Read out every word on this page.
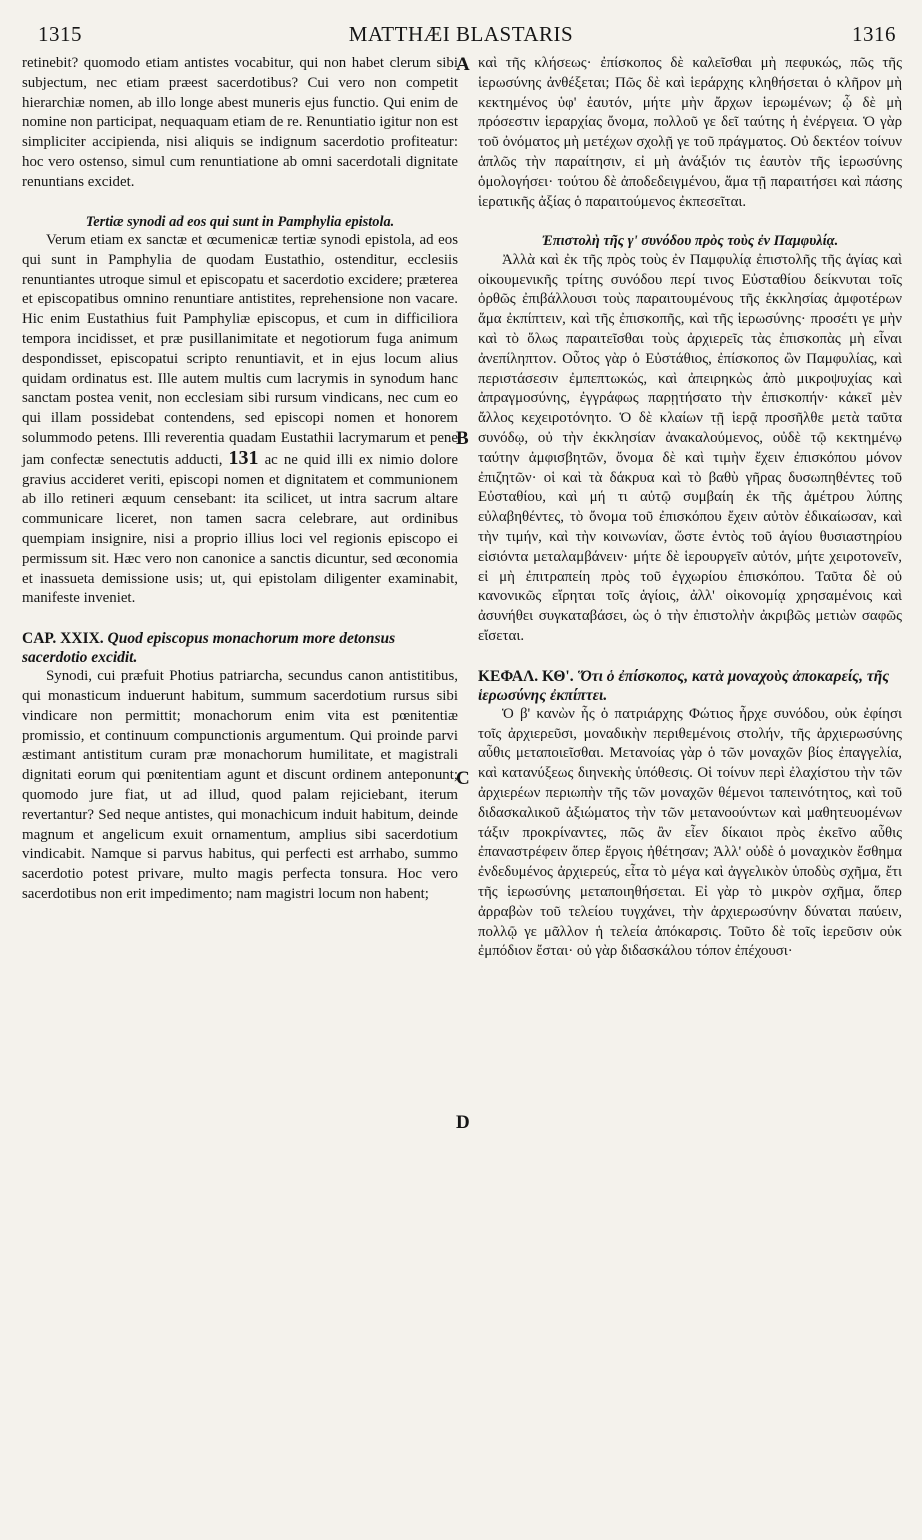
1315	MATTHÆI BLASTARIS	1316
A
B
C
D

retinebit? quomodo etiam antistes vocabitur, qui non habet clerum sibi subjectum, nec etiam præest sacerdotibus? Cui vero non competit hierarchiæ nomen, ab illo longe abest muneris ejus functio. Qui enim de nomine non participat, nequaquam etiam de re. Renuntiatio igitur non est simpliciter accipienda, nisi aliquis se indignum sacerdotio profiteatur: hoc vero ostenso, simul cum renuntiatione ab omni sacerdotali dignitate renuntians excidet.

Tertiæ synodi ad eos qui sunt in Pamphylia epistola.

Verum etiam ex sanctæ et œcumenicæ tertiæ synodi epistola, ad eos qui sunt in Pamphylia de quodam Eustathio, ostenditur, ecclesiis renuntiantes utroque simul et episcopatu et sacerdotio excidere; præterea et episcopatibus omnino renuntiare antistites, reprehensione non vacare. Hic enim Eustathius fuit Pamphyliæ episcopus, et cum in difficiliora tempora incidisset, et præ pusillanimitate et negotiorum fuga animum despondisset, episcopatui scripto renuntiavit, et in ejus locum alius quidam ordinatus est. Ille autem multis cum lacrymis in synodum hanc sanctam postea venit, non ecclesiam sibi rursum vindicans, nec cum eo qui illam possidebat contendens, sed episcopi nomen et honorem solummodo petens. Illi reverentia quadam Eustathii lacrymarum et pene jam confectæ senectutis adducti, 131 ac ne quid illi ex nimio dolore gravius accideret veriti, episcopi nomen et dignitatem et communionem ab illo retineri æquum censebant: ita scilicet, ut intra sacrum altare communicare liceret, non tamen sacra celebrare, aut ordinibus quempiam insignire, nisi a proprio illius loci vel regionis episcopo ei permissum sit. Hæc vero non canonice a sanctis dicuntur, sed œconomia et inassueta demissione usis; ut, qui epistolam diligenter examinabit, manifeste inveniet.

CAP. XXIX. Quod episcopus monachorum more detonsus sacerdotio excidit.

Synodi, cui præfuit Photius patriarcha, secundus canon antistitibus, qui monasticum induerunt habitum, summum sacerdotium rursus sibi vindicare non permittit; monachorum enim vita est pœnitentiæ promissio, et continuum compunctionis argumentum. Qui proinde parvi æstimant antistitum curam præ monachorum humilitate, et magistrali dignitati eorum qui pœnitentiam agunt et discunt ordinem anteponunt; quomodo jure fiat, ut ad illud, quod palam rejiciebant, iterum revertantur? Sed neque antistes, qui monachicum induit habitum, deinde magnum et angelicum exuit ornamentum, amplius sibi sacerdotium vindicabit. Namque si parvus habitus, qui perfecti est arrhabo, summo sacerdotio potest privare, multo magis perfecta tonsura. Hoc vero sacerdotibus non erit impedimento; nam magistri locum non habent;

καὶ τῆς κλήσεως· ἐπίσκοπος δὲ καλεῖσθαι μὴ πεφυκώς, πῶς τῆς ἱερωσύνης ἀνθέξεται; Πῶς δὲ καὶ ἱεράρχης κληθήσεται ὁ κλῆρον μὴ κεκτημένος ὑφ' ἑαυτόν, μήτε μὴν ἄρχων ἱερωμένων; ᾧ δὲ μὴ πρόσεστιν ἱεραρχίας ὄνομα, πολλοῦ γε δεῖ ταύτης ἡ ἐνέργεια. Ὁ γὰρ τοῦ ὀνόματος μὴ μετέχων σχολῇ γε τοῦ πράγματος. Οὐ δεκτέον τοίνυν ἁπλῶς τὴν παραίτησιν, εἰ μὴ ἀνάξιόν τις ἑαυτὸν τῆς ἱερωσύνης ὁμολογήσει· τούτου δὲ ἀποδεδειγμένου, ἅμα τῇ παραιτήσει καὶ πάσης ἱερατικῆς ἀξίας ὁ παραιτούμενος ἐκπεσεῖται.

Ἐπιστολὴ τῆς γ' συνόδου πρὸς τοὺς ἐν Παμφυλίᾳ.

Ἀλλὰ καὶ ἐκ τῆς πρὸς τοὺς ἐν Παμφυλίᾳ ἐπιστολῆς τῆς ἁγίας καὶ οἰκουμενικῆς τρίτης συνόδου περί τινος Εὐσταθίου δείκνυται τοῖς ὀρθῶς ἐπιβάλλουσι τοὺς παραιτουμένους τῆς ἐκκλησίας ἀμφοτέρων ἅμα ἐκπίπτειν, καὶ τῆς ἐπισκοπῆς, καὶ τῆς ἱερωσύνης· προσέτι γε μὴν καὶ τὸ ὅλως παραιτεῖσθαι τοὺς ἀρχιερεῖς τὰς ἐπισκοπὰς μὴ εἶναι ἀνεπίληπτον. Οὗτος γὰρ ὁ Εὐστάθιος, ἐπίσκοπος ὢν Παμφυλίας, καὶ περιστάσεσιν ἐμπεπτωκώς, καὶ ἀπειρηκὼς ἀπὸ μικροψυχίας καὶ ἀπραγμοσύνης, ἐγγράφως παρῃτήσατο τὴν ἐπισκοπήν· κἀκεῖ μὲν ἄλλος κεχειροτόνητο. Ὁ δὲ κλαίων τῇ ἱερᾷ προσῆλθε μετὰ ταῦτα συνόδῳ, οὐ τὴν ἐκκλησίαν ἀνακαλούμενος, οὐδὲ τῷ κεκτημένῳ ταύτην ἀμφισβητῶν, ὄνομα δὲ καὶ τιμὴν ἔχειν ἐπισκόπου μόνον ἐπιζητῶν· οἱ καὶ τὰ δάκρυα καὶ τὸ βαθὺ γῆρας δυσωπηθέντες τοῦ Εὐσταθίου, καὶ μή τι αὐτῷ συμβαίη ἐκ τῆς ἀμέτρου λύπης εὐλαβηθέντες, τὸ ὄνομα τοῦ ἐπισκόπου ἔχειν αὐτὸν ἐδικαίωσαν, καὶ τὴν τιμήν, καὶ τὴν κοινωνίαν, ὥστε ἐντὸς τοῦ ἁγίου θυσιαστηρίου εἰσιόντα μεταλαμβάνειν· μήτε δὲ ἱερουργεῖν αὐτόν, μήτε χειροτονεῖν, εἰ μὴ ἐπιτραπείη πρὸς τοῦ ἐγχωρίου ἐπισκόπου. Ταῦτα δὲ οὐ κανονικῶς εἴρηται τοῖς ἁγίοις, ἀλλ' οἰκονομίᾳ χρησαμένοις καὶ ἀσυνήθει συγκαταβάσει, ὡς ὁ τὴν ἐπιστολὴν ἀκριβῶς μετιὼν σαφῶς εἴσεται.

ΚΕΦΑΛ. ΚΘ'. Ὅτι ὁ ἐπίσκοπος, κατὰ μοναχοὺς ἀποκαρείς, τῆς ἱερωσύνης ἐκπίπτει.

Ὁ β' κανὼν ἧς ὁ πατριάρχης Φώτιος ἦρχε συνόδου, οὐκ ἐφίησι τοῖς ἀρχιερεῦσι, μοναδικὴν περιθεμένοις στολήν, τῆς ἀρχιερωσύνης αὖθις μεταποιεῖσθαι. Μετανοίας γὰρ ὁ τῶν μοναχῶν βίος ἐπαγγελία, καὶ κατανύξεως διηνεκὴς ὑπόθεσις. Οἱ τοίνυν περὶ ἐλαχίστου τὴν τῶν ἀρχιερέων περιωπὴν τῆς τῶν μοναχῶν θέμενοι ταπεινότητος, καὶ τοῦ διδασκαλικοῦ ἀξιώματος τὴν τῶν μετανοούντων καὶ μαθητευομένων τάξιν προκρίναντες, πῶς ἂν εἶεν δίκαιοι πρὸς ἐκεῖνο αὖθις ἐπαναστρέφειν ὅπερ ἔργοις ἠθέτησαν; Ἀλλ' οὐδὲ ὁ μοναχικὸν ἔσθημα ἐνδεδυμένος ἀρχιερεύς, εἶτα τὸ μέγα καὶ ἀγγελικὸν ὑποδὺς σχῆμα, ἔτι τῆς ἱερωσύνης μεταποιηθήσεται. Εἰ γὰρ τὸ μικρὸν σχῆμα, ὅπερ ἀρραβὼν τοῦ τελείου τυγχάνει, τὴν ἀρχιερωσύνην δύναται παύειν, πολλῷ γε μᾶλλον ἡ τελεία ἀπόκαρσις. Τοῦτο δὲ τοῖς ἱερεῦσιν οὐκ ἐμπόδιον ἔσται· οὐ γὰρ διδασκάλου τόπον ἐπέχουσι·
